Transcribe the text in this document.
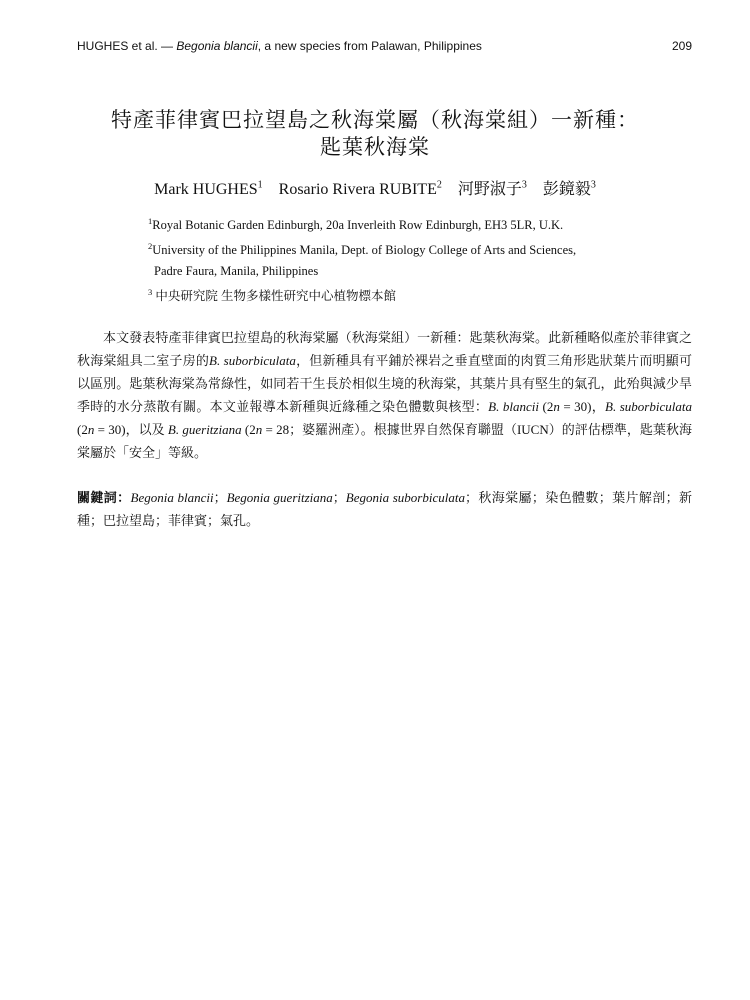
HUGHES et al. — Begonia blancii, a new species from Palawan, Philippines	209
特產菲律賓巴拉望島之秋海棠屬（秋海棠組）一新種：
匙葉秋海棠
Mark HUGHES$^1$ Rosario Rivera RUBITE$^2$ 河野淑子$^3$ 彭鏡毅$^3$
$^1$Royal Botanic Garden Edinburgh, 20a Inverleith Row Edinburgh, EH3 5LR, U.K.
$^2$University of the Philippines Manila, Dept. of Biology College of Arts and Sciences,
Padre Faura, Manila, Philippines
$^3$ 中央研究院 生物多樣性研究中心植物標本館
本文發表特產菲律賓巴拉望島的秋海棠屬（秋海棠組）一新種：匙葉秋海棠。此新種略似產於菲律賓之秋海棠組具二室子房的B. suborbiculata，但新種具有平鋪於裸岩之垂直壁面的肉質三角形匙狀葉片而明顯可以區別。匙葉秋海棠為常綠性，如同若干生長於相似生境的秋海棠，其葉片具有堅生的氣孔，此殆與減少旱季時的水分蒸散有關。本文並報導本新種與近緣種之染色體數與核型：B. blancii (2n = 30)，B. suborbiculata (2n = 30)，以及 B. gueritziana (2n = 28；婆羅洲產）。根據世界自然保育聯盟（IUCN）的評估標準，匙葉秋海棠屬於「安全」等級。
關鍵詞：Begonia blancii；Begonia gueritziana；Begonia suborbiculata；秋海棠屬；染色體數；葉片解剖；新種；巴拉望島；菲律賓；氣孔。
